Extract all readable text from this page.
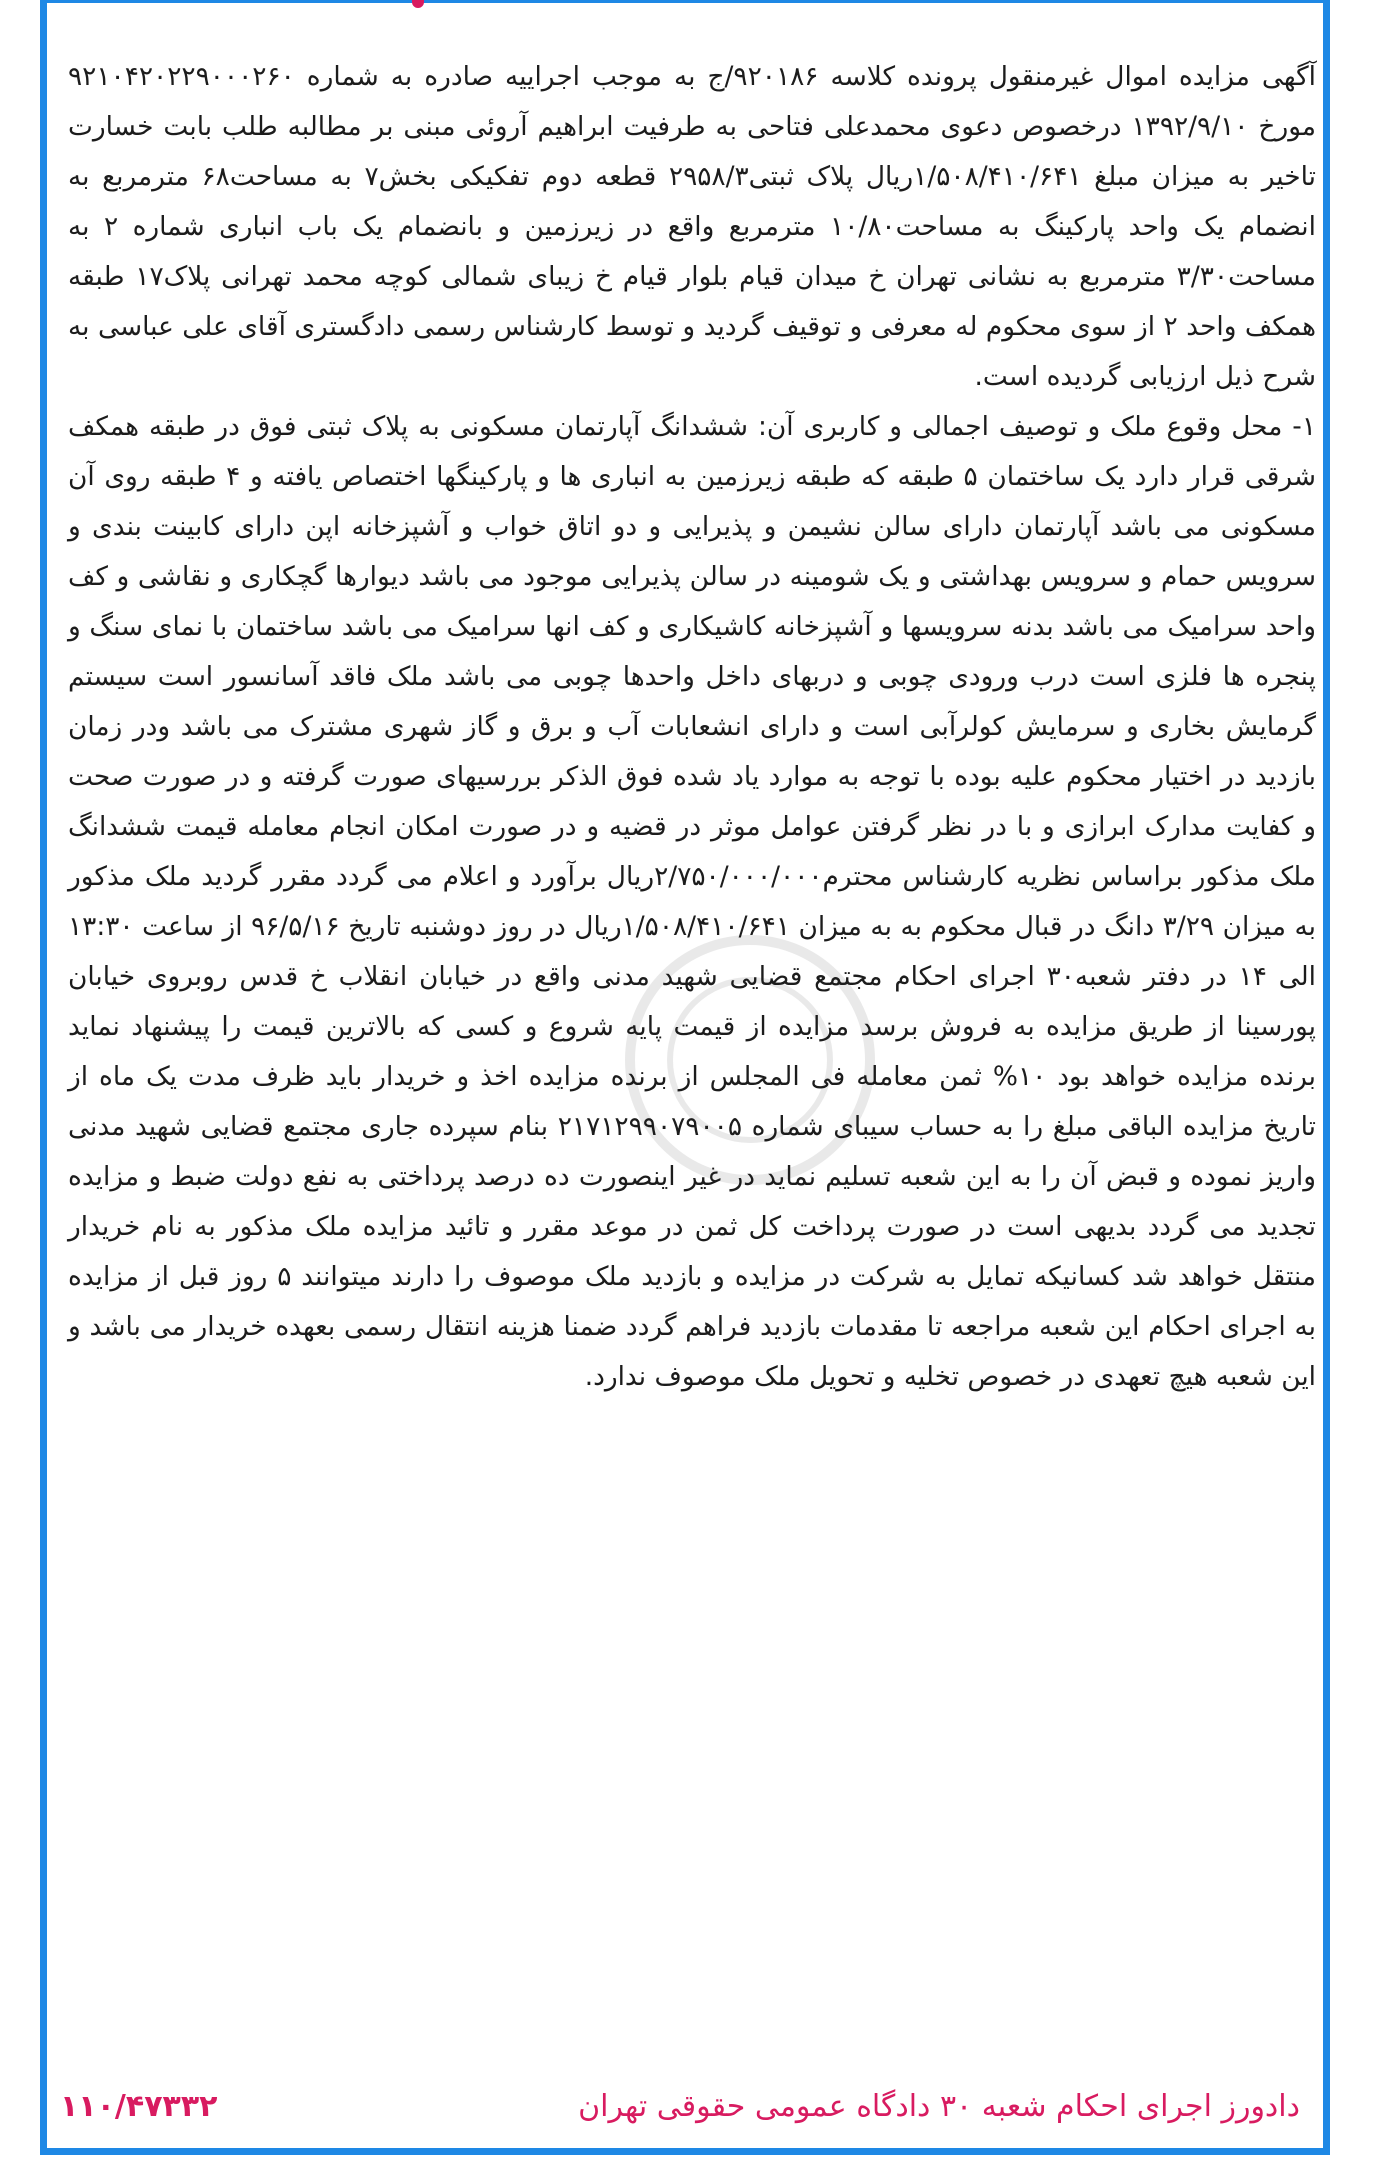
آگهی مزایده اموال غیرمنقول پرونده کلاسه ۹۲۰۱۸۶/ج به موجب اجراییه صادره به شماره ۹۲۱۰۴۲۰۲۲۹۰۰۰۲۶۰ مورخ ۱۳۹۲/۹/۱۰ درخصوص دعوی محمدعلی فتاحی به طرفیت ابراهیم آروئی مبنی بر مطالبه طلب بابت خسارت تاخیر به میزان مبلغ ۱/۵۰۸/۴۱۰/۶۴۱ریال پلاک ثبتی۲۹۵۸/۳ قطعه دوم تفکیکی بخش۷ به مساحت۶۸ مترمربع به انضمام یک واحد پارکینگ به مساحت۱۰/۸۰ مترمربع واقع در زیرزمین و بانضمام یک باب انباری شماره ۲ به مساحت۳/۳۰ مترمربع به نشانی تهران خ میدان قیام بلوار قیام خ زیبای شمالی کوچه محمد تهرانی پلاک۱۷ طبقه همکف واحد ۲ از سوی محکوم له معرفی و توقیف گردید و توسط کارشناس رسمی دادگستری آقای علی عباسی به شرح ذیل ارزیابی گردیده است.
۱- محل وقوع ملک و توصیف اجمالی و کاربری آن: ششدانگ آپارتمان مسکونی به پلاک ثبتی فوق در طبقه همکف شرقی قرار دارد یک ساختمان ۵ طبقه که طبقه زیرزمین به انباری ها و پارکینگها اختصاص یافته و ۴ طبقه روی آن مسکونی می باشد آپارتمان دارای سالن نشیمن و پذیرایی و دو اتاق خواب و آشپزخانه اپن دارای کابینت بندی و سرویس حمام و سرویس بهداشتی و یک شومینه در سالن پذیرایی موجود می باشد دیوارها گچکاری و نقاشی و کف واحد سرامیک می باشد بدنه سرویسها و آشپزخانه کاشیکاری و کف انها سرامیک می باشد ساختمان با نمای سنگ و پنجره ها فلزی است درب ورودی چوبی و دربهای داخل واحدها چوبی می باشد ملک فاقد آسانسور است سیستم گرمایش بخاری و سرمایش کولرآبی است و دارای انشعابات آب و برق و گاز شهری مشترک می باشد ودر زمان بازدید در اختیار محکوم علیه بوده با توجه به موارد یاد شده فوق الذکر بررسیهای صورت گرفته و در صورت صحت و کفایت مدارک ابرازی و با در نظر گرفتن عوامل موثر در قضیه و در صورت امکان انجام معامله قیمت ششدانگ ملک مذکور براساس نظریه کارشناس محترم۲/۷۵۰/۰۰۰/۰۰۰ریال برآورد و اعلام می گردد مقرر گردید ملک مذکور به میزان ۳/۲۹ دانگ در قبال محکوم به به میزان ۱/۵۰۸/۴۱۰/۶۴۱ریال در روز دوشنبه تاریخ ۹۶/۵/۱۶ از ساعت ۱۳:۳۰ الی ۱۴ در دفتر شعبه۳۰ اجرای احکام مجتمع قضایی شهید مدنی واقع در خیابان انقلاب خ قدس روبروی خیابان پورسینا از طریق مزایده به فروش برسد مزایده از قیمت پایه شروع و کسی که بالاترین قیمت را پیشنهاد نماید برنده مزایده خواهد بود ۱۰% ثمن معامله فی المجلس از برنده مزایده اخذ و خریدار باید ظرف مدت یک ماه از تاریخ مزایده الباقی مبلغ را به حساب سیبای شماره ۲۱۷۱۲۹۹۰۷۹۰۰۵ بنام سپرده جاری مجتمع قضایی شهید مدنی واریز نموده و قبض آن را به این شعبه تسلیم نماید در غیر اینصورت ده درصد پرداختی به نفع دولت ضبط و مزایده تجدید می گردد بدیهی است در صورت پرداخت کل ثمن در موعد مقرر و تائید مزایده ملک مذکور به نام خریدار منتقل خواهد شد کسانیکه تمایل به شرکت در مزایده و بازدید ملک موصوف را دارند میتوانند ۵ روز قبل از مزایده به اجرای احکام این شعبه مراجعه تا مقدمات بازدید فراهم گردد ضمنا هزینه انتقال رسمی بعهده خریدار می باشد و این شعبه هیچ تعهدی در خصوص تخلیه و تحویل ملک موصوف ندارد.

دادورز اجرای احکام شعبه ۳۰ دادگاه عمومی حقوقی تهران
۱۱۰/۴۷۳۳۲
